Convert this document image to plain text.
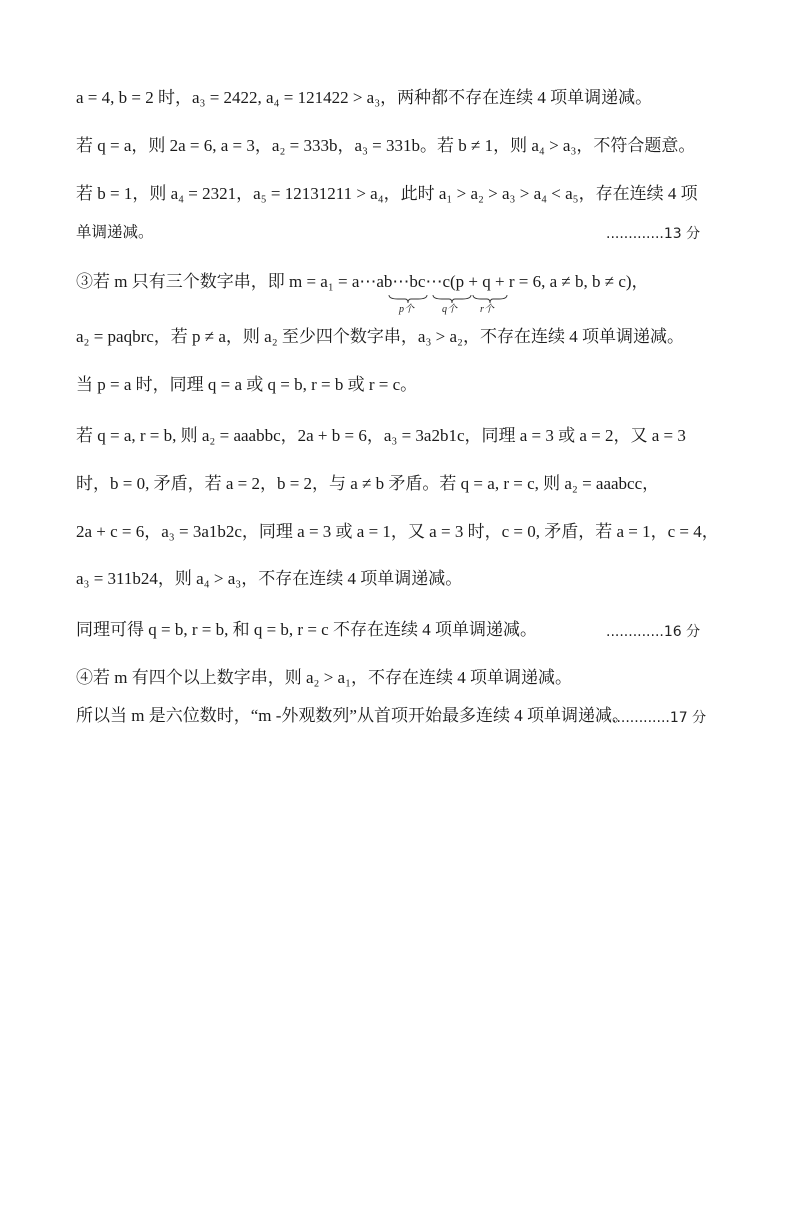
a = 4, b = 2 时，a₃ = 2422, a₄ = 121422 > a₃，两种都不存在连续 4 项单调递减。
若 q = a，则 2a = 6, a = 3，a₂ = 333b，a₃ = 331b。若 b ≠ 1，则 a₄ > a₃，不符合题意。
若 b = 1，则 a₄ = 2321，a₅ = 12131211 > a₄，此时 a₁ > a₂ > a₃ > a₄ < a₅，存在连续 4 项
单调递减。	.............13 分
③若 m 只有三个数字串，即 m = a₁ = a⋯ab⋯bc⋯c(p + q + r = 6, a ≠ b, b ≠ c)，
p个	q个 r个
a₂ = paqbrc，若 p ≠ a，则 a₂ 至少四个数字串，a₃ > a₂，不存在连续 4 项单调递减。
当 p = a 时，同理 q = a 或 q = b, r = b 或 r = c。
若 q = a, r = b, 则 a₂ = aaabbc，2a + b = 6，a₃ = 3a2b1c，同理 a = 3 或 a = 2，又 a = 3
时，b = 0, 矛盾，若 a = 2，b = 2，与 a ≠ b 矛盾。若 q = a, r = c, 则 a₂ = aaabcc，
2a + c = 6，a₃ = 3a1b2c，同理 a = 3 或 a = 1，又 a = 3 时，c = 0, 矛盾，若 a = 1，c = 4，
a₃ = 311b24，则 a₄ > a₃，不存在连续 4 项单调递减。
同理可得 q = b, r = b, 和 q = b, r = c 不存在连续 4 项单调递减。	.............16 分
④若 m 有四个以上数字串，则 a₂ > a₁，不存在连续 4 项单调递减。
所以当 m 是六位数时，“m -外观数列”从首项开始最多连续 4 项单调递减。
.............17 分
